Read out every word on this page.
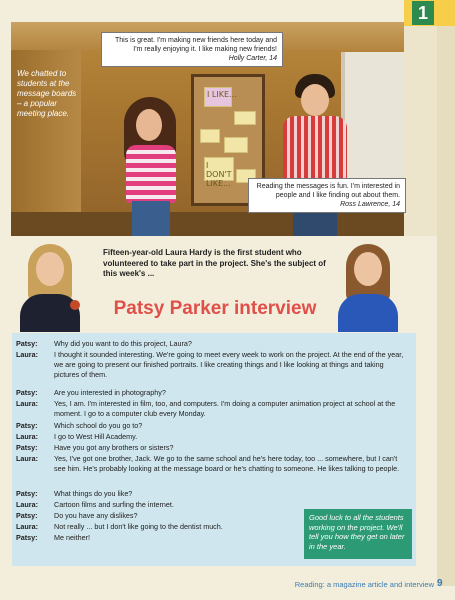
1
I LIKE...
I DON'T LIKE...
We chatted to students at the message boards – a popular meeting place.
This is great. I'm making new friends here today and I'm really enjoying it. I like making new friends!
Holly Carter, 14
Reading the messages is fun. I'm interested in people and I like finding out about them.
Ross Lawrence, 14
Fifteen-year-old Laura Hardy is the first student who volunteered to take part in the project. She's the subject of this week's ...
Patsy Parker interview
Patsy:	Why did you want to do this project, Laura?
Laura:	I thought it sounded interesting. We're going to meet every week to work on the project. At the end of the year, we are going to present our finished portraits. I like creating things and I like looking at things and taking pictures of them.
Patsy:	Are you interested in photography?
Laura:	Yes, I am. I'm interested in film, too, and computers. I'm doing a computer animation project at school at the moment. I go to a computer club every Monday.
Patsy:	Which school do you go to?
Laura:	I go to West Hill Academy.
Patsy:	Have you got any brothers or sisters?
Laura:	Yes, I've got one brother, Jack. We go to the same school and he's here today, too ... somewhere, but I can't see him. He's probably looking at the message board or he's chatting to someone. He likes talking to people.
Patsy:	What things do you like?
Laura:	Cartoon films and surfing the internet.
Patsy:	Do you have any dislikes?
Laura:	Not really ... but I don't like going to the dentist much.
Patsy:	Me neither!
Good luck to all the students working on the project. We'll tell you how they get on later in the year.
Reading: a magazine article and interview 9
